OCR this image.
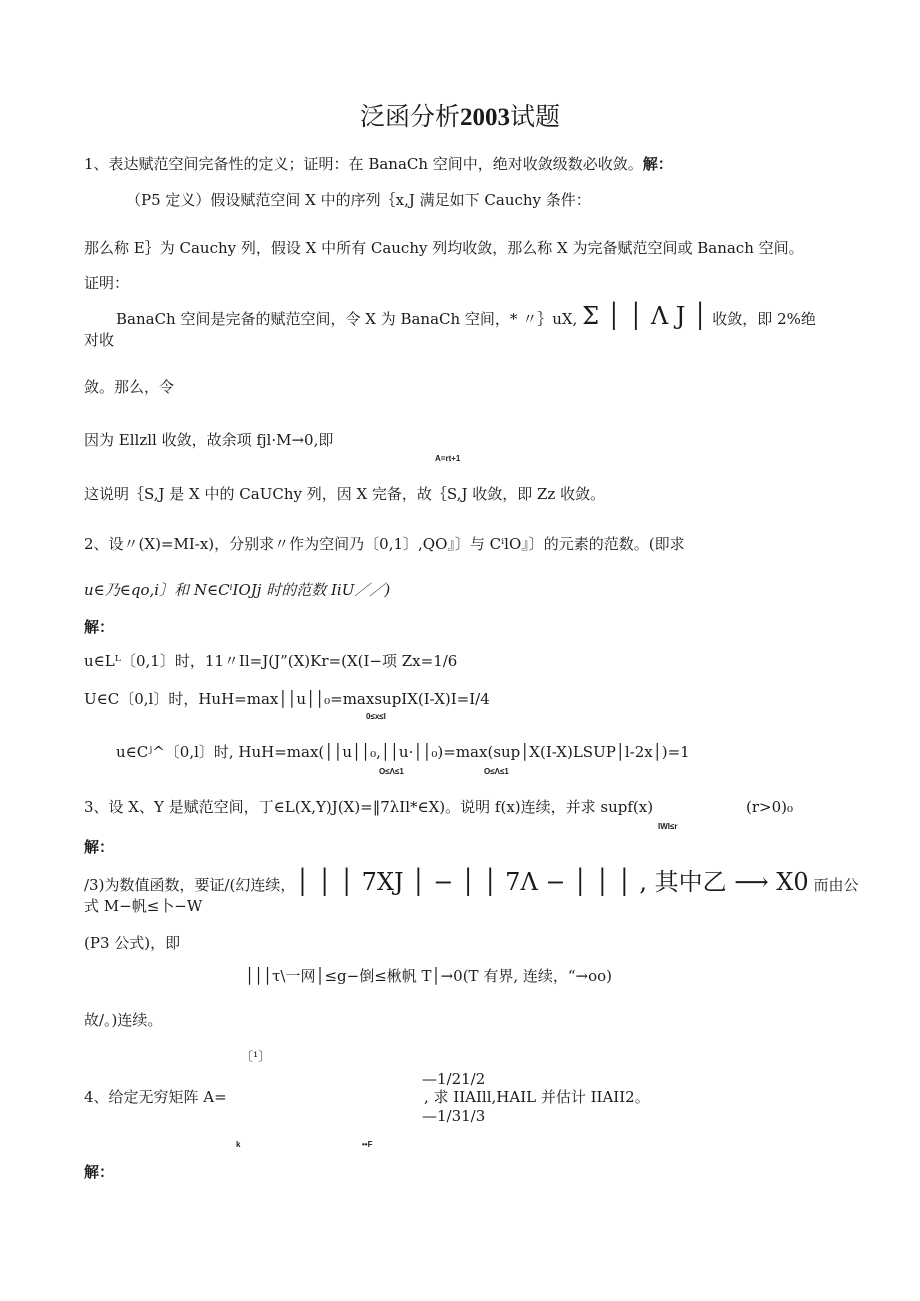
泛函分析2003试题
1、表达赋范空间完备性的定义；证明：在 BanaCh 空间中，绝对收敛级数必收敛。解：
（P5 定义）假设赋范空间 X 中的序列｛x,J 满足如下 Cauchy 条件：
那么称 E｝为 Cauchy 列，假设 X 中所有 Cauchy 列均收敛，那么称 X 为完备赋范空间或 Banach 空间。
证明：
BanaCh 空间是完备的赋范空间，令 X 为 BanaCh 空间，* 〃｝uX, Σ │ │ Λ J │ 收敛，即 2%绝
对收
敛。那么，令
因为 Ellzll 收敛，故余项 fjl·M→0,即
A=rt+1
这说明｛S,J 是 X 中的 CaUChy 列，因 X 完备，故｛S,J 收敛，即 Zz 收敛。
2、设〃(X)=MI-x)，分别求〃作为空间乃〔0,1〕,QO』〕与 CⁱlO』〕的元素的范数。(即求
u∈乃∈qo,i〕和 N∈CⁱIOJj 时的范数 IiU／／)
解：
u∈Lᴸ〔0,1〕时，11〃Il=J(J”(X)Kr=(X(I−项 Zx=1/6
U∈C〔0,l〕时，HuH=max││u││₀=maxsupIX(I-X)I=I/4
0≤x≤l
u∈Cʲ^〔0,l〕时, HuH=max(││u││₀,││u·││₀)=max(sup│X(I-X)LSUP│l-2x│)=1
O≤Λ≤1	O≤Λ≤1
3、设 X、Y 是赋范空间，丁∈L(X,Y)J(X)=‖7λIl*∈X)。说明 f(x)连续，并求 supf(x)	(r>0)₀
IWI≤r
解：
/3)为数值函数，要证/(幻连续，│ │ │ 7XJ │ − │ │ 7Λ − │ │ │ , 其中乙 ⟶ X0 而由公
式 M−帆≤卜−W
(P3 公式)，即
│││τ\一网│≤g−倒≤楸帆 T│→0(T 有界, 连续，“→oo)
故/。)连续。
〔¹〕
—1/21/2
4、给定无穷矩阵 A=	, 求 IIAIll,HAIL 并估计 IIAII2。
—1/31/3
k	••F
解：
